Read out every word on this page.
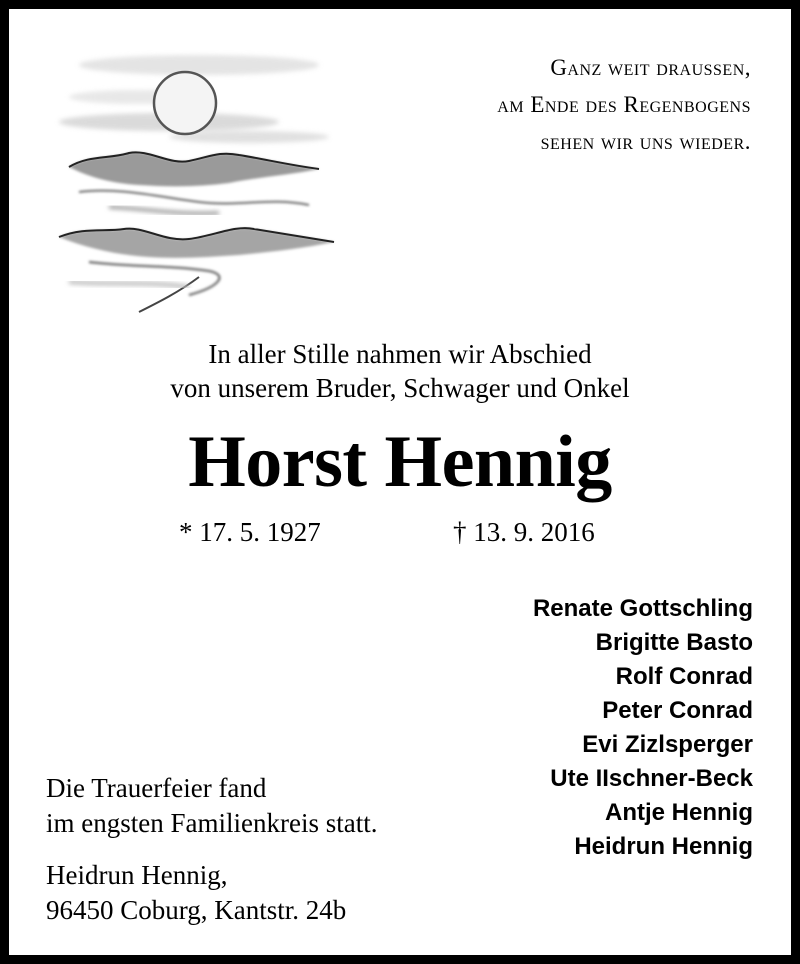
Ganz weit draussen,
am Ende des Regenbogens
sehen wir uns wieder.
In aller Stille nahmen wir Abschied
von unserem Bruder, Schwager und Onkel
Horst Hennig
* 17. 5. 1927	† 13. 9. 2016
Renate Gottschling
Brigitte Basto
Rolf Conrad
Peter Conrad
Evi Zizlsperger
Ute IIschner-Beck
Antje Hennig
Heidrun Hennig
Die Trauerfeier fand
im engsten Familienkreis statt.
Heidrun Hennig,
96450 Coburg, Kantstr. 24b
